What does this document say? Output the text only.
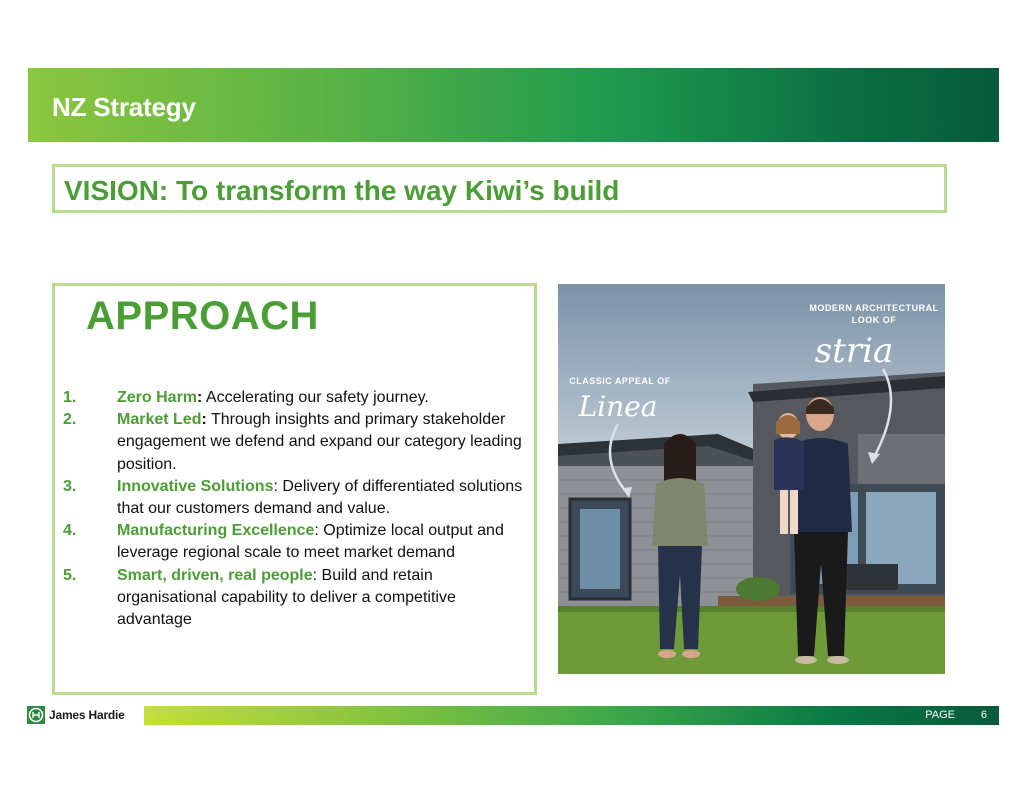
NZ Strategy
VISION: To transform the way Kiwi’s build
APPROACH
1.	Zero Harm: Accelerating our safety journey.
2.	Market Led: Through insights and primary stakeholder engagement we defend and expand our category leading position.
3.	Innovative Solutions: Delivery of differentiated solutions that our customers demand and value.
4.	Manufacturing Excellence: Optimize local output and leverage regional scale to meet market demand
5.	Smart, driven, real people: Build and retain organisational capability to deliver a competitive advantage
MODERN ARCHITECTURAL
LOOK OF
stria
CLASSIC APPEAL OF
Linea
James Hardie	PAGE 6
